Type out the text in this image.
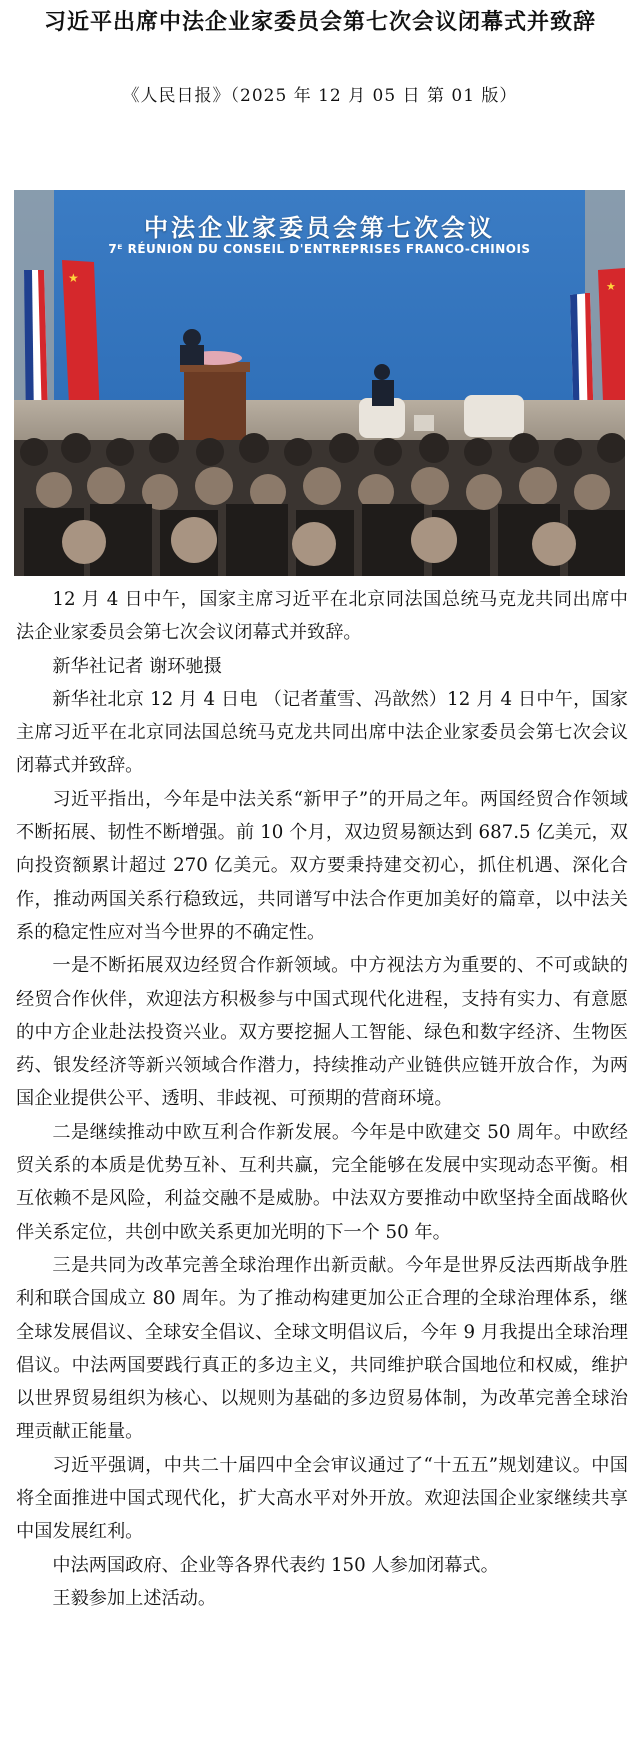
习近平出席中法企业家委员会第七次会议闭幕式并致辞
《人民日报》（2025 年 12 月 05 日 第 01 版）
★
★
中法企业家委员会第七次会议
7ᴱ RÉUNION DU CONSEIL D'ENTREPRISES FRANCO-CHINOIS

12 月 4 日中午，国家主席习近平在北京同法国总统马克龙共同出席中法企业家委员会第七次会议闭幕式并致辞。

新华社记者 谢环驰摄

新华社北京 12 月 4 日电 （记者董雪、冯歆然）12 月 4 日中午，国家主席习近平在北京同法国总统马克龙共同出席中法企业家委员会第七次会议闭幕式并致辞。

习近平指出，今年是中法关系“新甲子”的开局之年。两国经贸合作领域不断拓展、韧性不断增强。前 10 个月，双边贸易额达到 687.5 亿美元，双向投资额累计超过 270 亿美元。双方要秉持建交初心，抓住机遇、深化合作，推动两国关系行稳致远，共同谱写中法合作更加美好的篇章，以中法关系的稳定性应对当今世界的不确定性。

一是不断拓展双边经贸合作新领域。中方视法方为重要的、不可或缺的经贸合作伙伴，欢迎法方积极参与中国式现代化进程，支持有实力、有意愿的中方企业赴法投资兴业。双方要挖掘人工智能、绿色和数字经济、生物医药、银发经济等新兴领域合作潜力，持续推动产业链供应链开放合作，为两国企业提供公平、透明、非歧视、可预期的营商环境。

二是继续推动中欧互利合作新发展。今年是中欧建交 50 周年。中欧经贸关系的本质是优势互补、互利共赢，完全能够在发展中实现动态平衡。相互依赖不是风险，利益交融不是威胁。中法双方要推动中欧坚持全面战略伙伴关系定位，共创中欧关系更加光明的下一个 50 年。

三是共同为改革完善全球治理作出新贡献。今年是世界反法西斯战争胜利和联合国成立 80 周年。为了推动构建更加公正合理的全球治理体系，继全球发展倡议、全球安全倡议、全球文明倡议后，今年 9 月我提出全球治理倡议。中法两国要践行真正的多边主义，共同维护联合国地位和权威，维护以世界贸易组织为核心、以规则为基础的多边贸易体制，为改革完善全球治理贡献正能量。

习近平强调，中共二十届四中全会审议通过了“十五五”规划建议。中国将全面推进中国式现代化，扩大高水平对外开放。欢迎法国企业家继续共享中国发展红利。

中法两国政府、企业等各界代表约 150 人参加闭幕式。

王毅参加上述活动。
